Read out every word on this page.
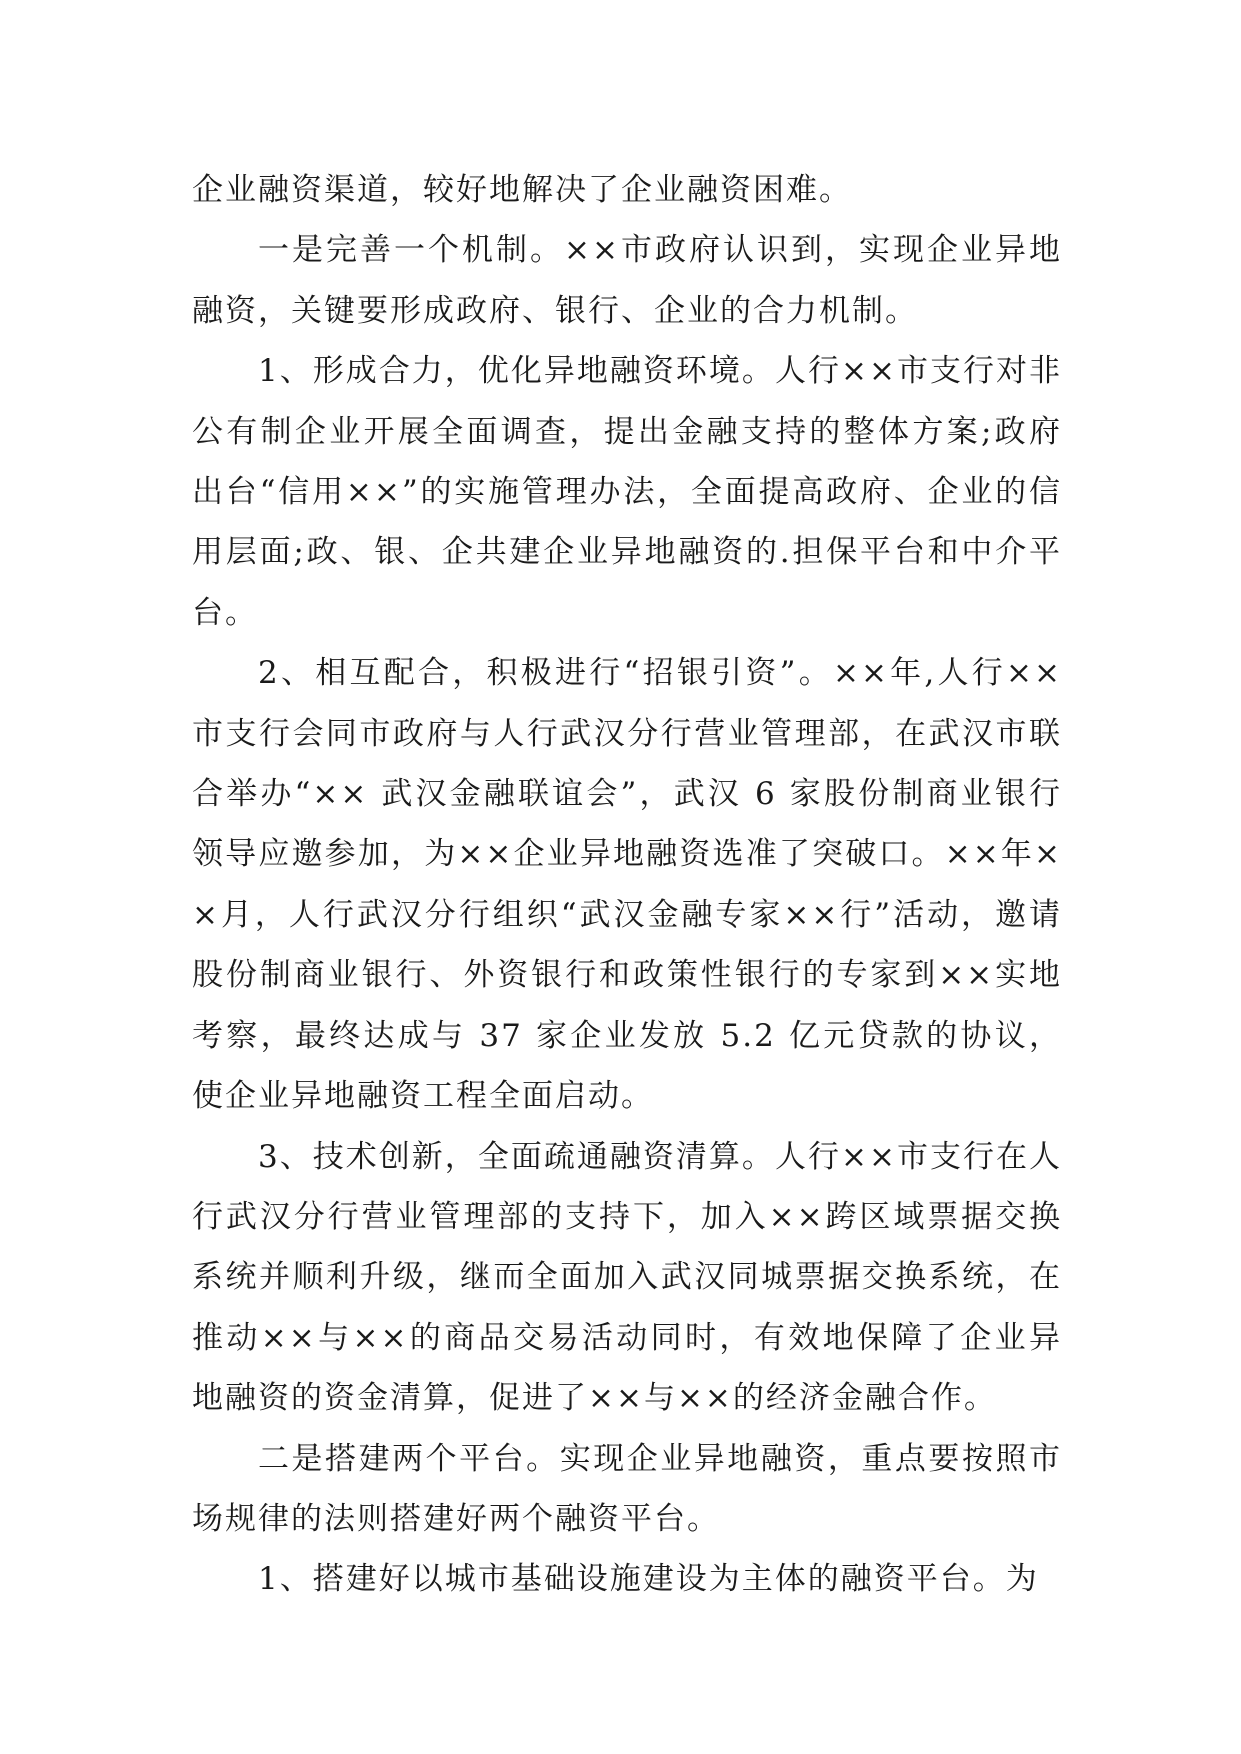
企业融资渠道，较好地解决了企业融资困难。

一是完善一个机制。××市政府认识到，实现企业异地融资，关键要形成政府、银行、企业的合力机制。

1、形成合力，优化异地融资环境。人行××市支行对非公有制企业开展全面调查，提出金融支持的整体方案;政府出台“信用××”的实施管理办法，全面提高政府、企业的信用层面;政、银、企共建企业异地融资的.担保平台和中介平台。

2、相互配合，积极进行“招银引资”。××年,人行××市支行会同市政府与人行武汉分行营业管理部，在武汉市联合举办“×× 武汉金融联谊会”，武汉 6 家股份制商业银行领导应邀参加，为××企业异地融资选准了突破口。××年××月，人行武汉分行组织“武汉金融专家××行”活动，邀请股份制商业银行、外资银行和政策性银行的专家到××实地考察，最终达成与 37 家企业发放 5.2 亿元贷款的协议，使企业异地融资工程全面启动。

3、技术创新，全面疏通融资清算。人行××市支行在人行武汉分行营业管理部的支持下，加入××跨区域票据交换系统并顺利升级，继而全面加入武汉同城票据交换系统，在推动××与××的商品交易活动同时，有效地保障了企业异地融资的资金清算，促进了××与××的经济金融合作。

二是搭建两个平台。实现企业异地融资，重点要按照市场规律的法则搭建好两个融资平台。

1、搭建好以城市基础设施建设为主体的融资平台。为
